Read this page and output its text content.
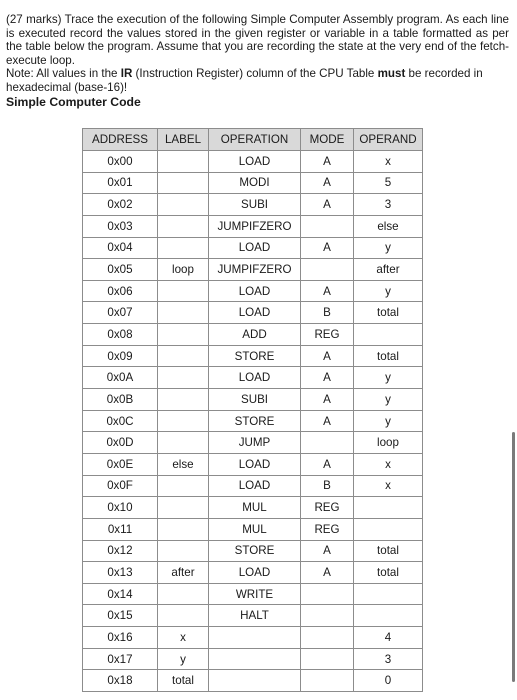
(27 marks) Trace the execution of the following Simple Computer Assembly program. As each line is executed record the values stored in the given register or variable in a table formatted as per the table below the program. Assume that you are recording the state at the very end of the fetch-execute loop.

Note: All values in the IR (Instruction Register) column of the CPU Table must be recorded in hexadecimal (base-16)!

Simple Computer Code

ADDRESS	LABEL	OPERATION	MODE	OPERAND
0x00		LOAD	A	x
0x01		MODI	A	5
0x02		SUBI	A	3
0x03		JUMPIFZERO		else
0x04		LOAD	A	y
0x05	loop	JUMPIFZERO		after
0x06		LOAD	A	y
0x07		LOAD	B	total
0x08		ADD	REG	
0x09		STORE	A	total
0x0A		LOAD	A	y
0x0B		SUBI	A	y
0x0C		STORE	A	y
0x0D		JUMP		loop
0x0E	else	LOAD	A	x
0x0F		LOAD	B	x
0x10		MUL	REG	
0x11		MUL	REG	
0x12		STORE	A	total
0x13	after	LOAD	A	total
0x14		WRITE		
0x15		HALT		
0x16	x			4
0x17	y			3
0x18	total			0
